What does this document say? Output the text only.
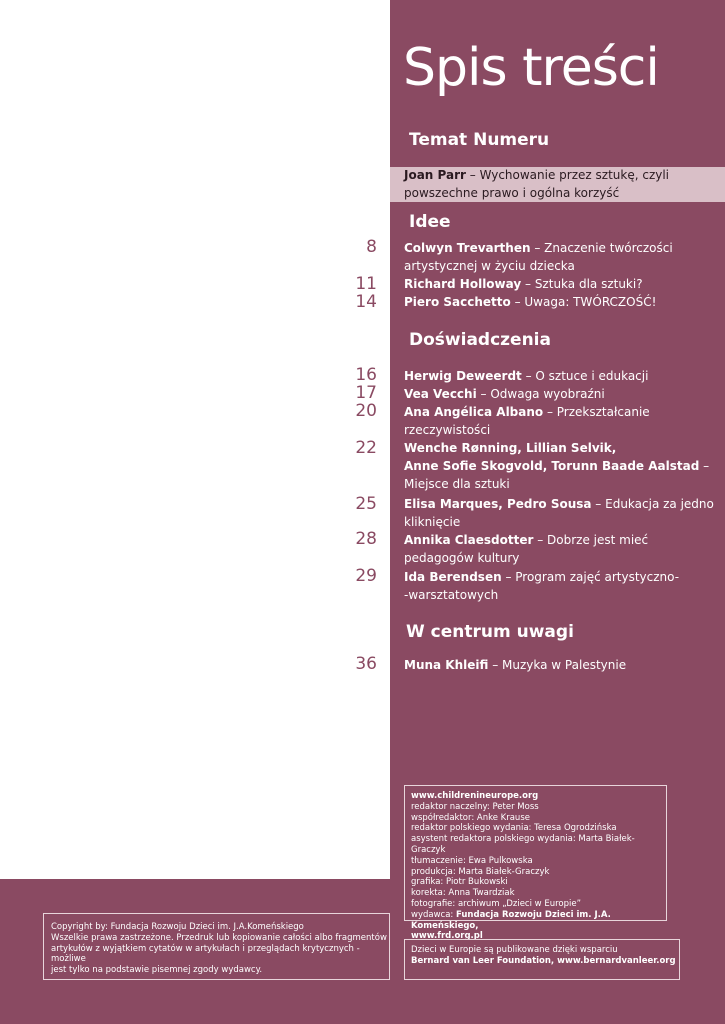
Spis treści
Temat Numeru
Joan Parr – Wychowanie przez sztukę, czyli
powszechne prawo i ogólna korzyść
Idee
8 Colwyn Trevarthen – Znaczenie twórczości
artystycznej w życiu dziecka
11 Richard Holloway – Sztuka dla sztuki?
14 Piero Sacchetto – Uwaga: TWÓRCZOŚĆ!
Doświadczenia
16 Herwig Deweerdt – O sztuce i edukacji
17 Vea Vecchi – Odwaga wyobraźni
20 Ana Angélica Albano – Przekształcanie
rzeczywistości
22 Wenche Rønning, Lillian Selvik,
Anne Sofie Skogvold, Torunn Baade Aalstad –
Miejsce dla sztuki
25 Elisa Marques, Pedro Sousa – Edukacja za jedno
kliknięcie
28 Annika Claesdotter – Dobrze jest mieć
pedagogów kultury
29 Ida Berendsen – Program zajęć artystyczno-
-warsztatowych
W centrum uwagi
36 Muna Khleifi – Muzyka w Palestynie
www.childrenineurope.org
redaktor naczelny: Peter Moss
współredaktor: Anke Krause
redaktor polskiego wydania: Teresa Ogrodzińska
asystent redaktora polskiego wydania: Marta Białek-Graczyk
tłumaczenie: Ewa Pulkowska
produkcja: Marta Białek-Graczyk
grafika: Piotr Bukowski
korekta: Anna Twardziak
fotografie: archiwum „Dzieci w Europie”
wydawca: Fundacja Rozwoju Dzieci im. J.A. Komeńskiego,
www.frd.org.pl
Dzieci w Europie są publikowane dzięki wsparciu
Bernard van Leer Foundation, www.bernardvanleer.org
Copyright by: Fundacja Rozwoju Dzieci im. J.A.Komeńskiego
Wszelkie prawa zastrzeżone. Przedruk lub kopiowanie całości albo fragmentów
artykułów z wyjątkiem cytatów w artykułach i przeglądach krytycznych - możliwe
jest tylko na podstawie pisemnej zgody wydawcy.
